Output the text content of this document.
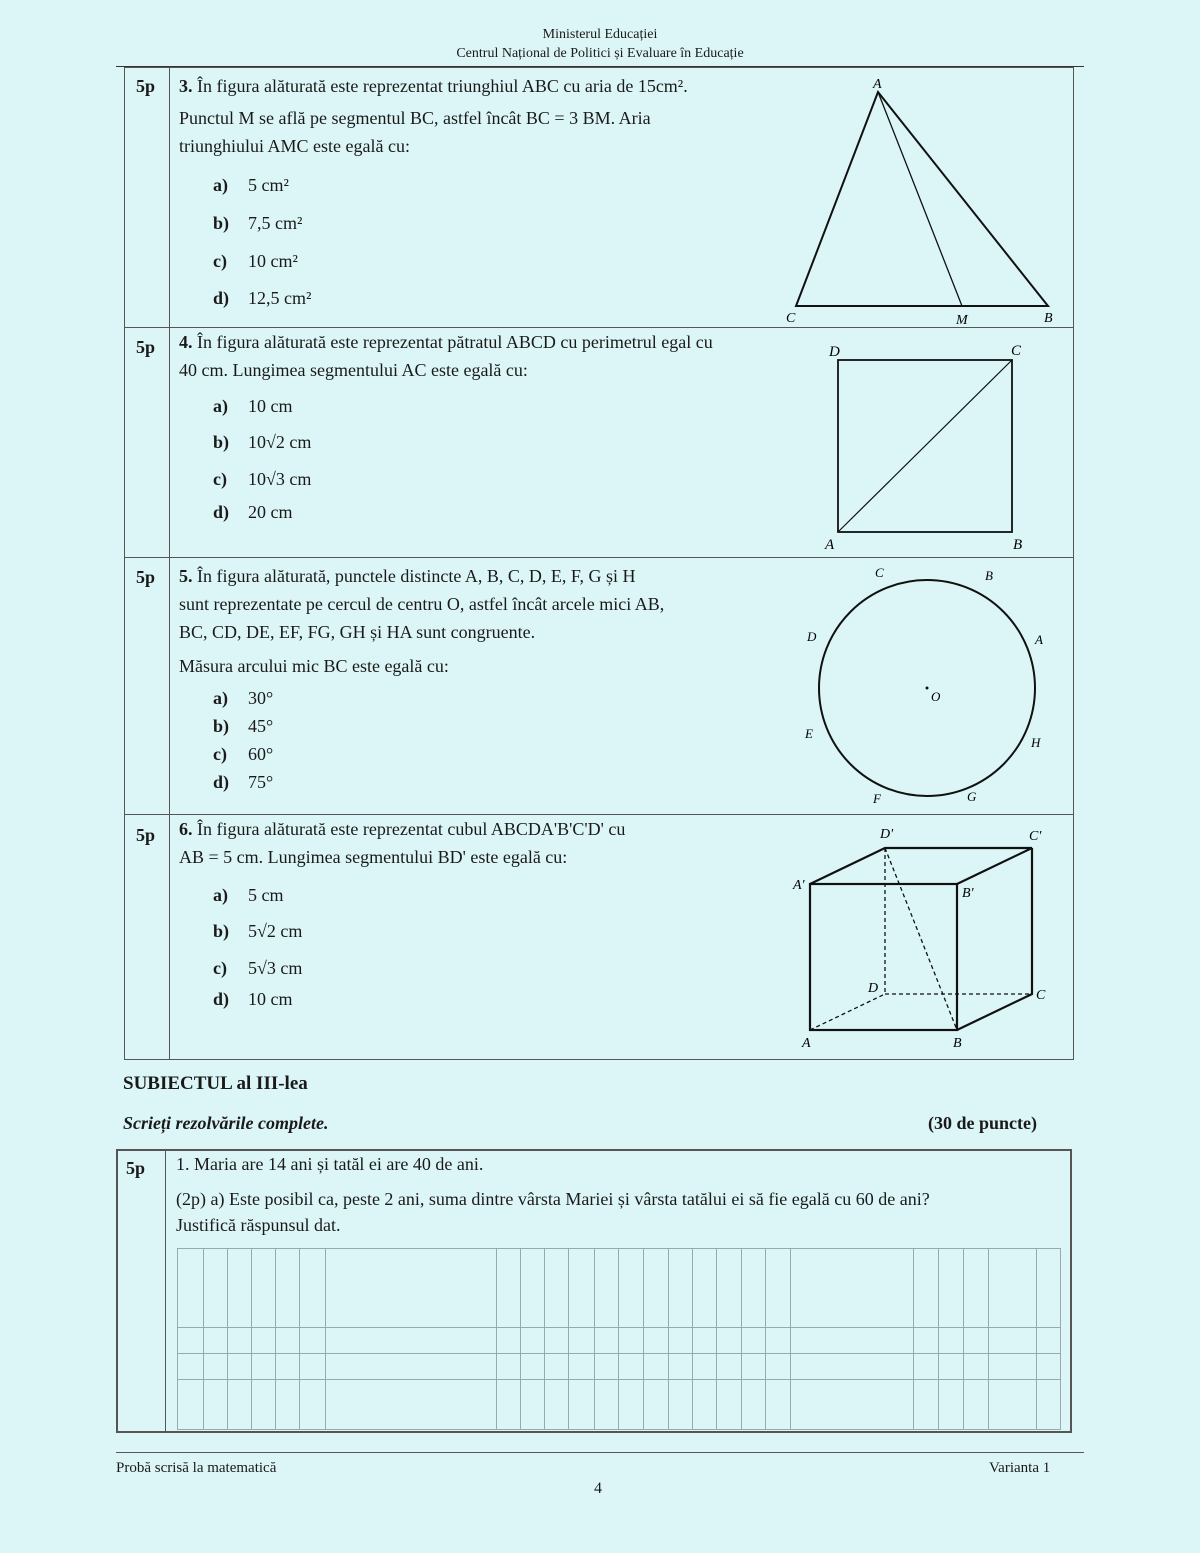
Ministerul Educației
Centrul Național de Politici și Evaluare în Educație
5p 3. În figura alăturată este reprezentat triunghiul ABC cu aria de 15cm².
Punctul M se află pe segmentul BC, astfel încât BC = 3 BM. Aria
triunghiului AMC este egală cu:
a) 5 cm²
b) 7,5 cm²
c) 10 cm²
d) 12,5 cm²
A
C	M	B
5p 4. În figura alăturată este reprezentat pătratul ABCD cu perimetrul egal cu
40 cm. Lungimea segmentului AC este egală cu:
a) 10 cm
b) 10√2 cm
c) 10√3 cm
d) 20 cm
D	C
A	B
5p 5. În figura alăturată, punctele distincte A, B, C, D, E, F, G și H
sunt reprezentate pe cercul de centru O, astfel încât arcele mici AB,
BC, CD, DE, EF, FG, GH și HA sunt congruente.
Măsura arcului mic BC este egală cu:
a) 30°
b) 45°
c) 60°
d) 75°
O
C	B
A
D
E
H
F	G
5p 6. În figura alăturată este reprezentat cubul ABCDA'B'C'D' cu
AB = 5 cm. Lungimea segmentului BD' este egală cu:
a) 5 cm
b) 5√2 cm
c) 5√3 cm
d) 10 cm
D'	C'
A'
B'
D	C
A	B
SUBIECTUL al III-lea
Scrieți rezolvările complete.	(30 de puncte)
5p 1. Maria are 14 ani și tatăl ei are 40 de ani.
(2p) a) Este posibil ca, peste 2 ani, suma dintre vârsta Mariei și vârsta tatălui ei să fie egală cu 60 de ani?
Justifică răspunsul dat.
Probă scrisă la matematică	Varianta 1
4
